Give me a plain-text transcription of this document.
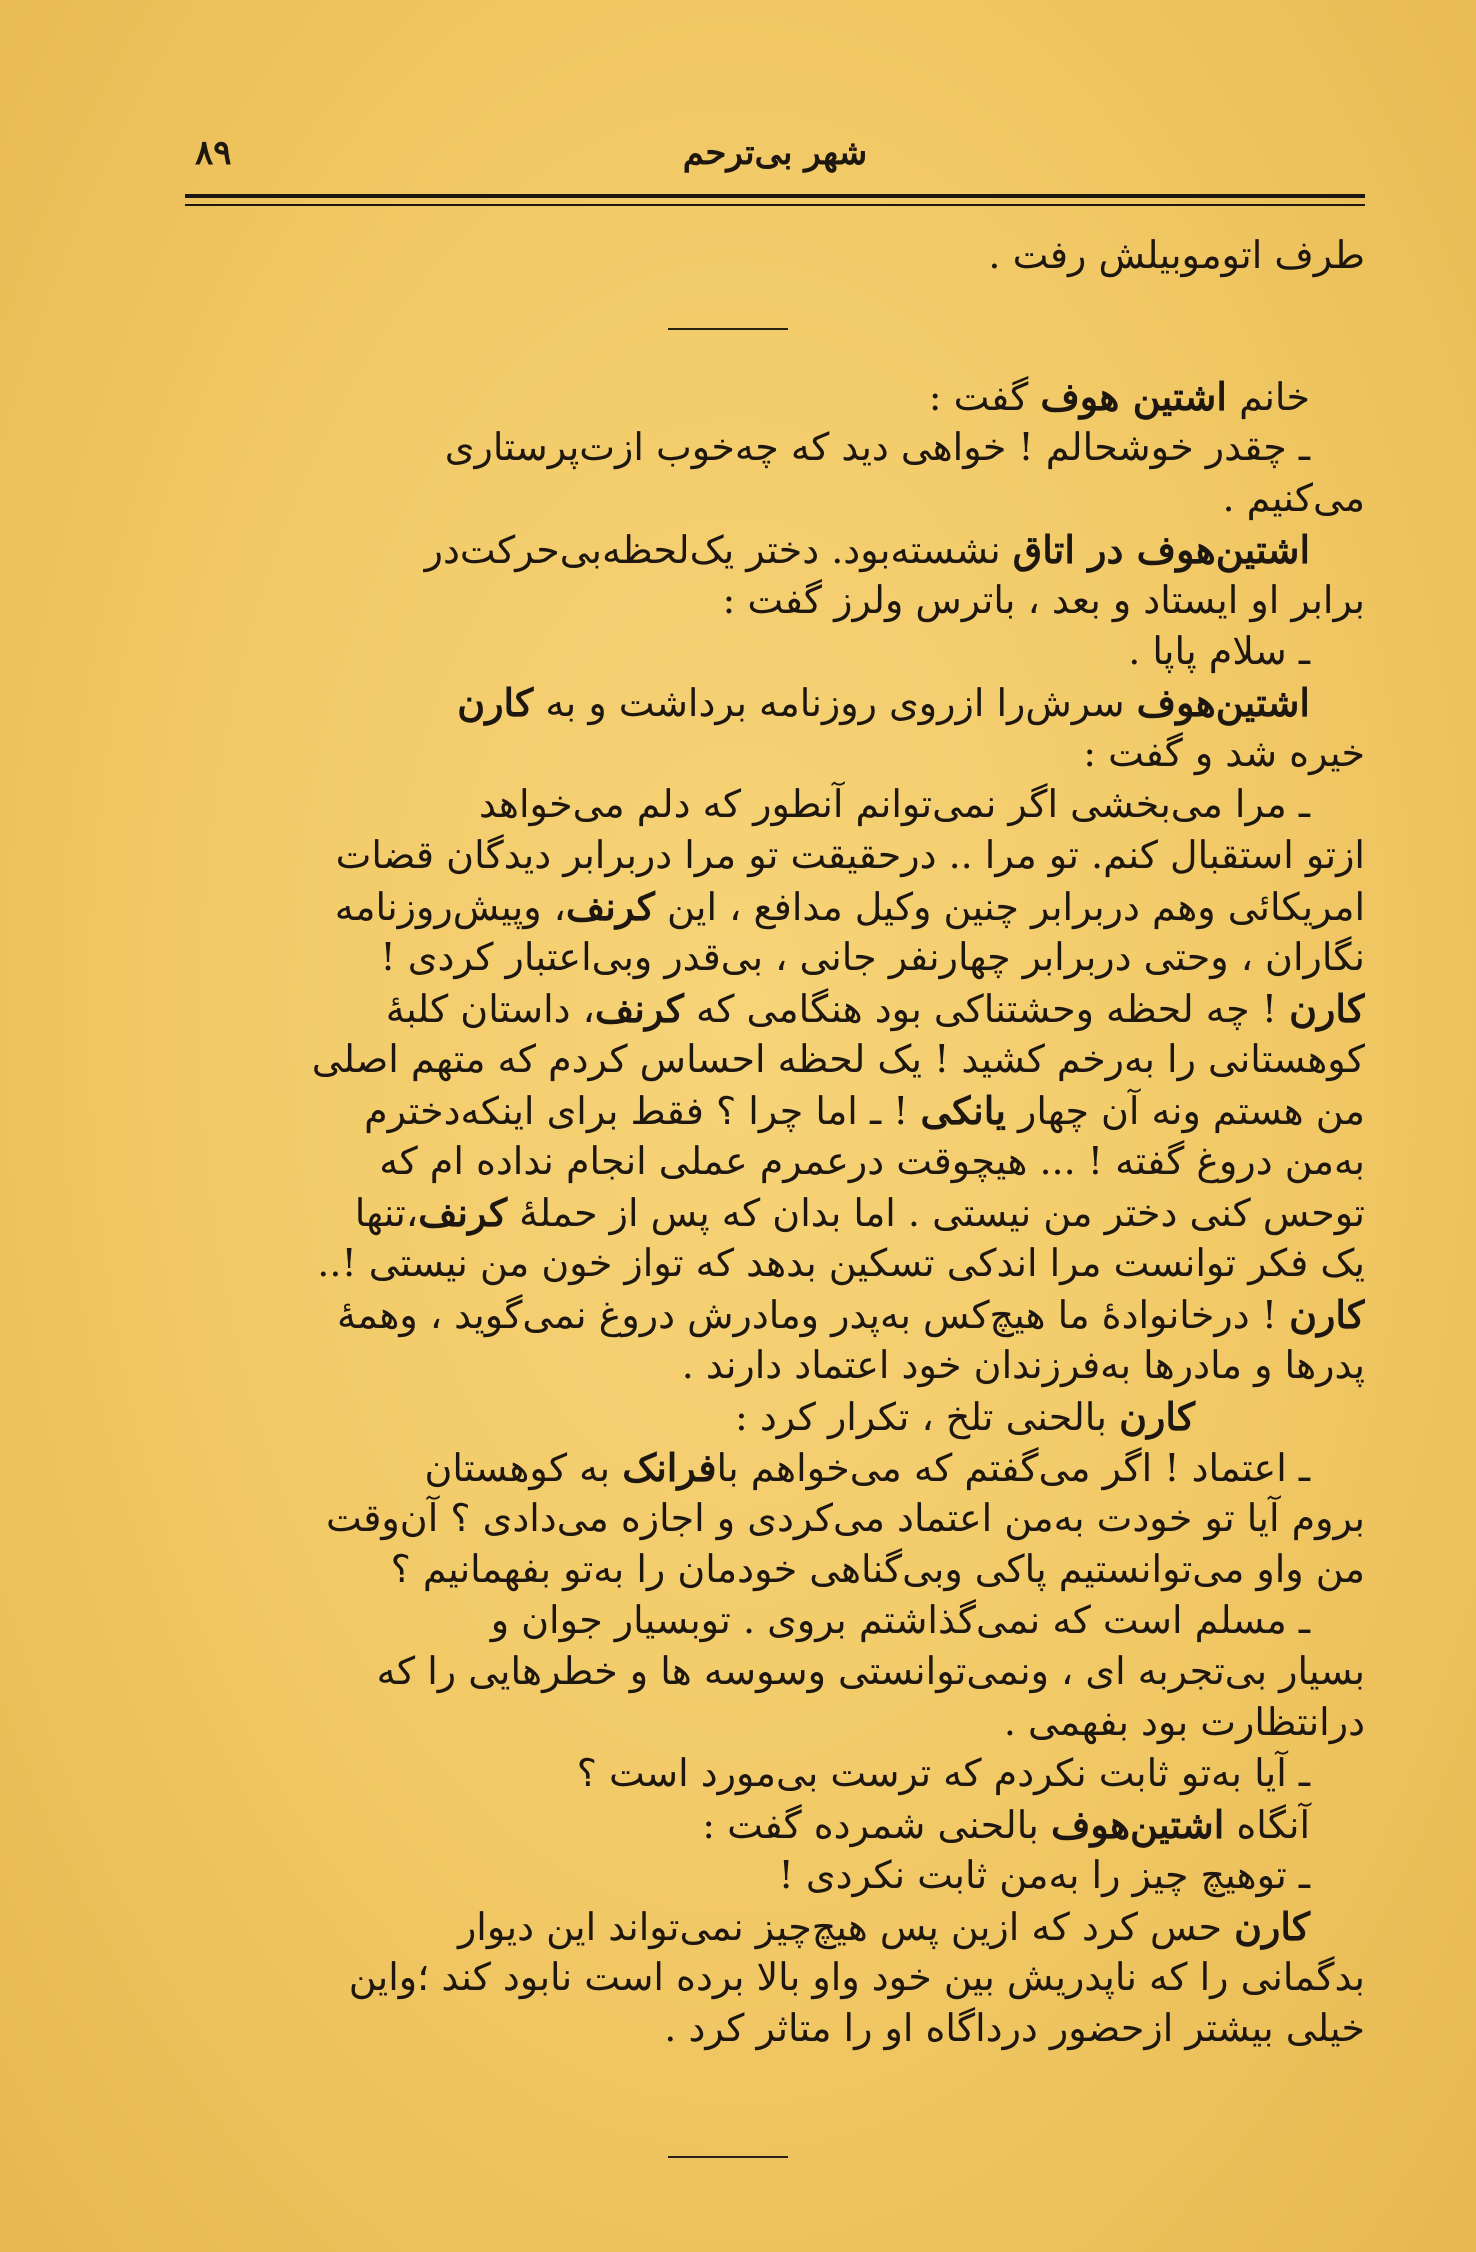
۸۹	شهر بی‌ترحم
طرف اتوموبیلش رفت .
خانم اشتین هوف گفت :
ـ چقدر خوشحالم ! خواهی دید که چه‌خوب ازت‌پرستاری
می‌کنیم .
اشتین‌هوف در اتاق نشسته‌بود. دختر یک‌لحظه‌بی‌حرکت‌در
برابر او ایستاد و بعد ، باترس ولرز گفت :
ـ سلام پاپا .
اشتین‌هوف سرش‌را ازروی روزنامه برداشت و به کارن
خیره شد و گفت :
ـ مرا می‌بخشی اگر نمی‌توانم آنطور که دلم می‌خواهد
ازتو استقبال کنم. تو مرا .. درحقیقت تو مرا دربرابر دیدگان قضات
امریکائی وهم دربرابر چنین وکیل مدافع ، این کرنف، وپیش‌روزنامه
نگاران ، وحتی دربرابر چهارنفر جانی ، بی‌قدر وبی‌اعتبار کردی !
کارن ! چه لحظه وحشتناکی بود هنگامی که کرنف، داستان کلبهٔ
کوهستانی را به‌رخم کشید ! یک لحظه احساس کردم که متهم اصلی
من هستم ونه آن چهار یانکی ! ـ اما چرا ؟ فقط برای اینکه‌دخترم
به‌من دروغ گفته ! ... هیچوقت درعمرم عملی انجام نداده ام که
توحس کنی دختر من نیستی . اما بدان که پس از حملهٔ کرنف،تنها
یک فکر توانست مرا اندکی تسکین بدهد که تواز خون من نیستی !..
کارن ! درخانوادهٔ ما هیچ‌کس به‌پدر ومادرش دروغ نمی‌گوید ، وهمهٔ
پدرها و مادرها به‌فرزندان خود اعتماد دارند .
کارن بالحنی تلخ ، تکرار کرد :
ـ اعتماد ! اگر می‌گفتم که می‌خواهم بافرانک به کوهستان
بروم آیا تو خودت به‌من اعتماد می‌کردی و اجازه می‌دادی ؟ آن‌وقت
من واو می‌توانستیم پاکی وبی‌گناهی خودمان را به‌تو بفهمانیم ؟
ـ مسلم است که نمی‌گذاشتم بروی . توبسیار جوان و
بسیار بی‌تجربه ای ، ونمی‌توانستی وسوسه ها و خطرهایی را که
درانتظارت بود بفهمی .
ـ آیا به‌تو ثابت نکردم که ترست بی‌مورد است ؟
آنگاه اشتین‌هوف بالحنی شمرده گفت :
ـ توهیچ چیز را به‌من ثابت نکردی !
کارن حس کرد که ازین پس هیچ‌چیز نمی‌تواند این دیوار
بدگمانی را که ناپدریش بین خود واو بالا برده است نابود کند ؛واین
خیلی بیشتر ازحضور درداگاه او را متاثر کرد .
